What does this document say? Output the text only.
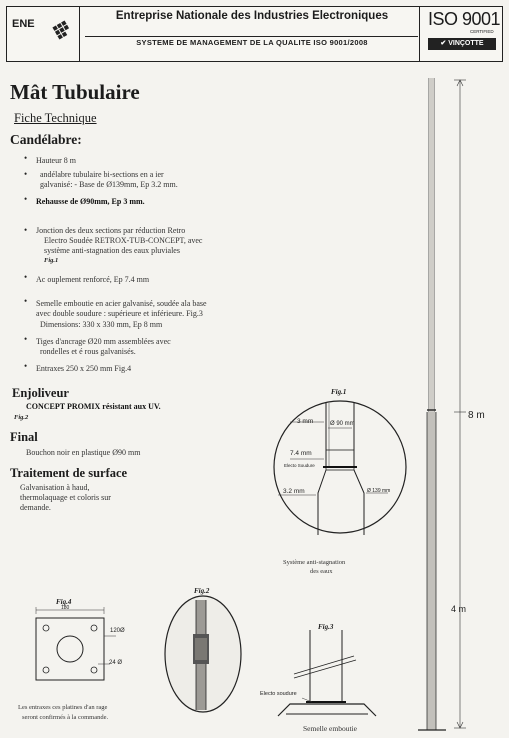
ENE
Entreprise Nationale des Industries Electroniques
SYSTEME DE MANAGEMENT DE LA QUALITE ISO 9001/2008
ISO 9001
CERTIFIED
✔ VINÇOTTE
Mât Tubulaire
Fiche Technique
Candélabre:
• Hauteur 8 m
• andélabre tubulaire bi-sections en a ier
galvanisé: - Base de Ø139mm, Ep 3.2 mm.
• Rehausse de Ø90mm, Ep 3 mm.
• Jonction des deux sections par réduction Retro
Electro Soudée RETROX-TUB-CONCEPT, avec
système anti-stagnation des eaux pluviales
Fig.1
• Ac ouplement renforcé, Ep 7.4 mm
• Semelle emboutie en acier galvanisé, soudée ala base
avec double soudure : supérieure et inférieure. Fig.3
Dimensions: 330 x 330 mm, Ep 8 mm
• Tiges d'ancrage Ø20 mm assemblées avec
rondelles et é rous galvanisés.
• Entraxes 250 x 250 mm Fig.4
Enjoliveur
CONCEPT PROMIX résistant aux UV.
Fig.2
Final
Bouchon noir en plastique Ø90 mm
Traitement de surface
Galvanisation à haud,
thermolaquage et coloris sur
demande.
Fig.1
3 mm	Ø 90 mm
7.4 mm
Electo Soudure
3.2 mm	Ø 139 mm
Système anti-stagnation
des eaux
8 m
4 m
Fig.4
180
120Ø
24 Ø
Les entraxes ces platines d'an rage
seront confirmés à la commande.
Fig.2
Fig.3
Electo soudure
Semelle emboutie
